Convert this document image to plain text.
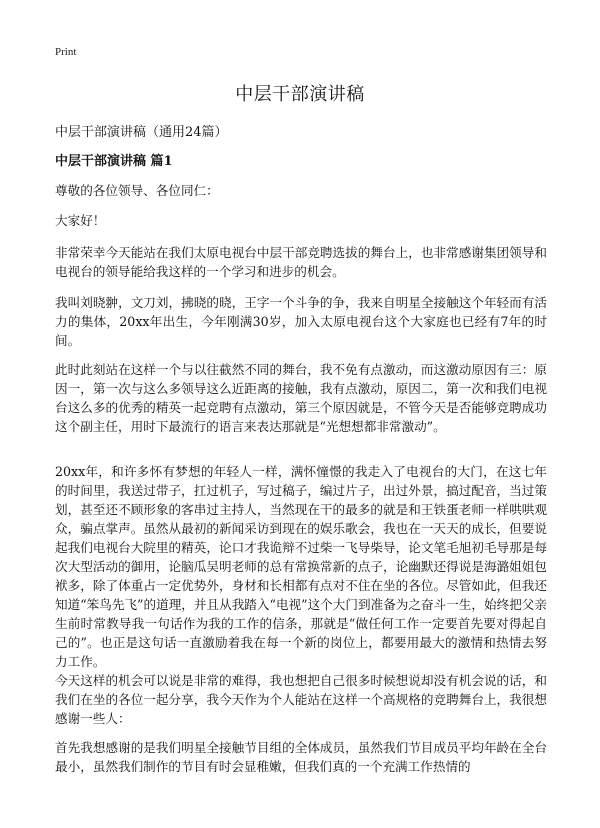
Print
中层干部演讲稿
中层干部演讲稿（通用24篇）
中层干部演讲稿 篇1

尊敬的各位领导、各位同仁：

大家好！

非常荣幸今天能站在我们太原电视台中层干部竞聘选拔的舞台上，也非常感谢集团领导和电视台的领导能给我这样的一个学习和进步的机会。

我叫刘晓翀，文刀刘，拂晓的晓，王字一个斗争的争，我来自明星全接触这个年轻而有活力的集体，20xx年出生，今年刚满30岁，加入太原电视台这个大家庭也已经有7年的时间。

此时此刻站在这样一个与以往截然不同的舞台，我不免有点激动，而这激动原因有三：原因一，第一次与这么多领导这么近距离的接触，我有点激动，原因二，第一次和我们电视台这么多的优秀的精英一起竞聘有点激动，第三个原因就是，不管今天是否能够竞聘成功这个副主任，用时下最流行的语言来表达那就是“光想想都非常激动”。

20xx年，和许多怀有梦想的年轻人一样，满怀憧憬的我走入了电视台的大门，在这七年的时间里，我送过带子，扛过机子，写过稿子，编过片子，出过外景，搞过配音，当过策划，甚至还不顾形象的客串过主持人，当然现在干的最多的就是和王铁蛋老师一样哄哄观众，骗点掌声。虽然从最初的新闻采访到现在的娱乐歌会，我也在一天天的成长，但要说起我们电视台大院里的精英，论口才我诡辩不过柴一飞导柴导，论文笔毛旭初毛导那是每次大型活动的御用，论脑瓜吴明老师的总有常换常新的点子，论幽默还得说是海潞姐姐包袱多，除了体重占一定优势外，身材和长相都有点对不住在坐的各位。尽管如此，但我还知道“笨鸟先飞”的道理，并且从我踏入“电视”这个大门到准备为之奋斗一生，始终把父亲生前时常教导我一句话作为我的工作的信条，那就是“做任何工作一定要首先要对得起自己的”。也正是这句话一直激励着我在每一个新的岗位上，都要用最大的激情和热情去努力工作。

今天这样的机会可以说是非常的难得，我也想把自己很多时候想说却没有机会说的话，和我们在坐的各位一起分享，我今天作为个人能站在这样一个高规格的竞聘舞台上，我很想感谢一些人：

首先我想感谢的是我们明星全接触节目组的全体成员，虽然我们节目成员平均年龄在全台最小，虽然我们制作的节目有时会显稚嫩，但我们真的一个充满工作热情的
